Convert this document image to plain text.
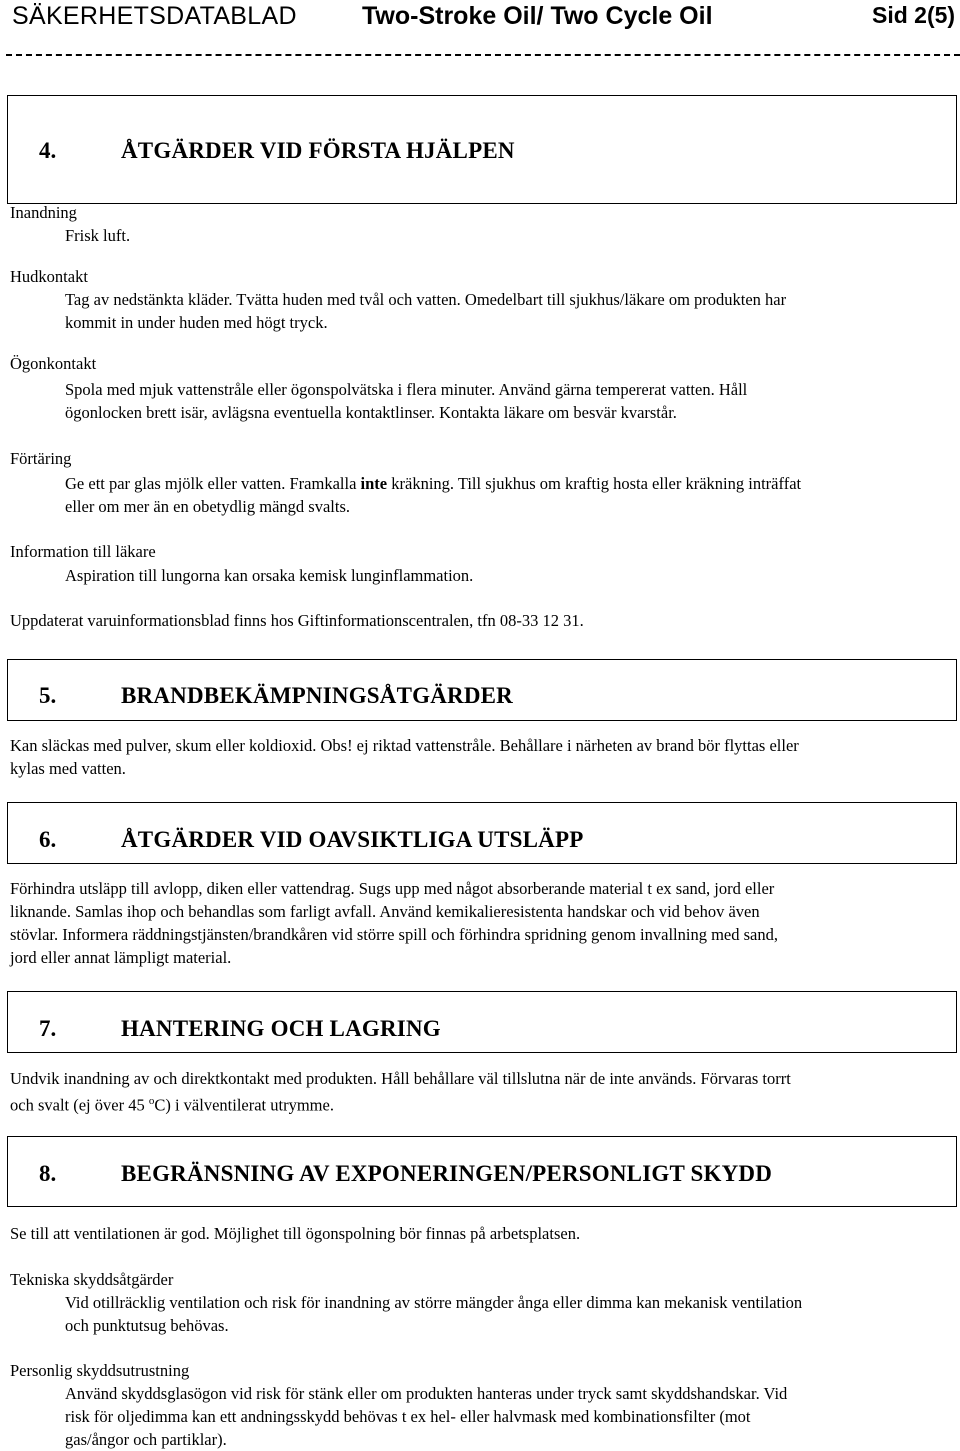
SÄKERHETSDATABLAD	Two-Stroke Oil/ Two Cycle Oil	Sid 2(5)
4.	ÅTGÄRDER VID FÖRSTA HJÄLPEN
Inandning
Frisk luft.
Hudkontakt
Tag av nedstänkta kläder. Tvätta huden med tvål och vatten. Omedelbart till sjukhus/läkare om produkten har
kommit in under huden med högt tryck.
Ögonkontakt
Spola med mjuk vattenstråle eller ögonspolvätska i flera minuter. Använd gärna tempererat vatten. Håll
ögonlocken brett isär, avlägsna eventuella kontaktlinser. Kontakta läkare om besvär kvarstår.
Förtäring
Ge ett par glas mjölk eller vatten. Framkalla inte kräkning. Till sjukhus om kraftig hosta eller kräkning inträffat
eller om mer än en obetydlig mängd svalts.
Information till läkare
Aspiration till lungorna kan orsaka kemisk lunginflammation.
Uppdaterat varuinformationsblad finns hos Giftinformationscentralen, tfn 08-33 12 31.
5.	BRANDBEKÄMPNINGSÅTGÄRDER
Kan släckas med pulver, skum eller koldioxid. Obs! ej riktad vattenstråle. Behållare i närheten av brand bör flyttas eller
kylas med vatten.
6.	ÅTGÄRDER VID OAVSIKTLIGA UTSLÄPP
Förhindra utsläpp till avlopp, diken eller vattendrag. Sugs upp med något absorberande material t ex sand, jord eller
liknande. Samlas ihop och behandlas som farligt avfall. Använd kemikalieresistenta handskar och vid behov även
stövlar. Informera räddningstjänsten/brandkåren vid större spill och förhindra spridning genom invallning med sand,
jord eller annat lämpligt material.
7.	HANTERING OCH LAGRING
Undvik inandning av och direktkontakt med produkten. Håll behållare väl tillslutna när de inte används. Förvaras torrt
och svalt (ej över 45 $^o$C) i välventilerat utrymme.
8.	BEGRÄNSNING AV EXPONERINGEN/PERSONLIGT SKYDD
Se till att ventilationen är god. Möjlighet till ögonspolning bör finnas på arbetsplatsen.
Tekniska skyddsåtgärder
Vid otillräcklig ventilation och risk för inandning av större mängder ånga eller dimma kan mekanisk ventilation
och punktutsug behövas.
Personlig skyddsutrustning
Använd skyddsglasögon vid risk för stänk eller om produkten hanteras under tryck samt skyddshandskar. Vid
risk för oljedimma kan ett andningsskydd behövas t ex hel- eller halvmask med kombinationsfilter (mot
gas/ångor och partiklar).
